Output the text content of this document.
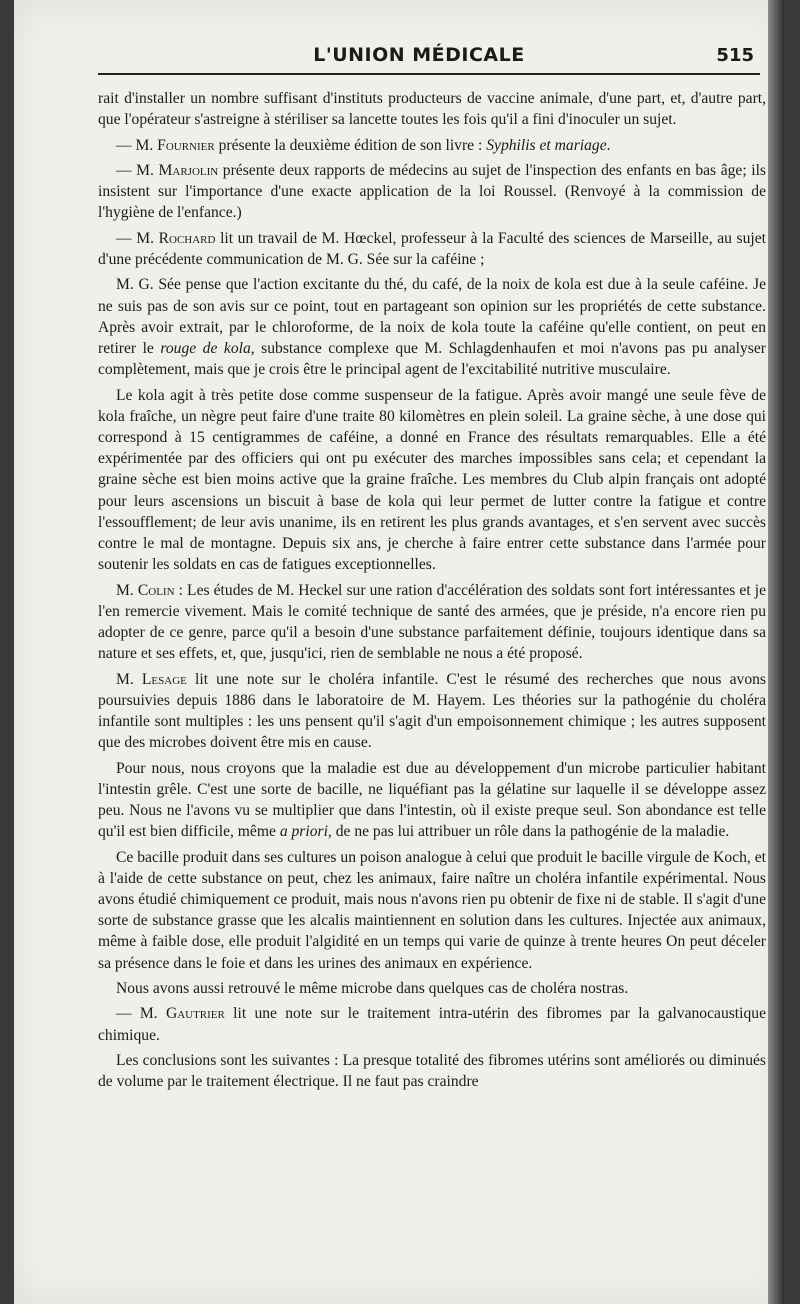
L'UNION MÉDICALE	515

rait d'installer un nombre suffisant d'instituts producteurs de vaccine animale, d'une part, et, d'autre part, que l'opérateur s'astreigne à stériliser sa lancette toutes les fois qu'il a fini d'inoculer un sujet.

— M. Fournier présente la deuxième édition de son livre : Syphilis et mariage.

— M. Marjolin présente deux rapports de médecins au sujet de l'inspection des enfants en bas âge; ils insistent sur l'importance d'une exacte application de la loi Roussel. (Renvoyé à la commission de l'hygiène de l'enfance.)

— M. Rochard lit un travail de M. Hœckel, professeur à la Faculté des sciences de Marseille, au sujet d'une précédente communication de M. G. Sée sur la caféine ;

M. G. Sée pense que l'action excitante du thé, du café, de la noix de kola est due à la seule caféine. Je ne suis pas de son avis sur ce point, tout en partageant son opinion sur les propriétés de cette substance. Après avoir extrait, par le chloroforme, de la noix de kola toute la caféine qu'elle contient, on peut en retirer le rouge de kola, substance complexe que M. Schlagdenhaufen et moi n'avons pas pu analyser complètement, mais que je crois être le principal agent de l'excitabilité nutritive musculaire.

Le kola agit à très petite dose comme suspenseur de la fatigue. Après avoir mangé une seule fève de kola fraîche, un nègre peut faire d'une traite 80 kilomètres en plein soleil. La graine sèche, à une dose qui correspond à 15 centigrammes de caféine, a donné en France des résultats remarquables. Elle a été expérimentée par des officiers qui ont pu exécuter des marches impossibles sans cela; et cependant la graine sèche est bien moins active que la graine fraîche. Les membres du Club alpin français ont adopté pour leurs ascensions un biscuit à base de kola qui leur permet de lutter contre la fatigue et contre l'essoufflement; de leur avis unanime, ils en retirent les plus grands avantages, et s'en servent avec succès contre le mal de montagne. Depuis six ans, je cherche à faire entrer cette substance dans l'armée pour soutenir les soldats en cas de fatigues exceptionnelles.

M. Colin : Les études de M. Heckel sur une ration d'accélération des soldats sont fort intéressantes et je l'en remercie vivement. Mais le comité technique de santé des armées, que je préside, n'a encore rien pu adopter de ce genre, parce qu'il a besoin d'une substance parfaitement définie, toujours identique dans sa nature et ses effets, et, que, jusqu'ici, rien de semblable ne nous a été proposé.

M. Lesage lit une note sur le choléra infantile. C'est le résumé des recherches que nous avons poursuivies depuis 1886 dans le laboratoire de M. Hayem. Les théories sur la pathogénie du choléra infantile sont multiples : les uns pensent qu'il s'agit d'un empoisonnement chimique ; les autres supposent que des microbes doivent être mis en cause.

Pour nous, nous croyons que la maladie est due au développement d'un microbe particulier habitant l'intestin grêle. C'est une sorte de bacille, ne liquéfiant pas la gélatine sur laquelle il se développe assez peu. Nous ne l'avons vu se multiplier que dans l'intestin, où il existe preque seul. Son abondance est telle qu'il est bien difficile, même a priori, de ne pas lui attribuer un rôle dans la pathogénie de la maladie.

Ce bacille produit dans ses cultures un poison analogue à celui que produit le bacille virgule de Koch, et à l'aide de cette substance on peut, chez les animaux, faire naître un choléra infantile expérimental. Nous avons étudié chimiquement ce produit, mais nous n'avons rien pu obtenir de fixe ni de stable. Il s'agit d'une sorte de substance grasse que les alcalis maintiennent en solution dans les cultures. Injectée aux animaux, même à faible dose, elle produit l'algidité en un temps qui varie de quinze à trente heures On peut déceler sa présence dans le foie et dans les urines des animaux en expérience.

Nous avons aussi retrouvé le même microbe dans quelques cas de choléra nostras.

— M. Gautrier lit une note sur le traitement intra-utérin des fibromes par la galvanocaustique chimique.

Les conclusions sont les suivantes : La presque totalité des fibromes utérins sont améliorés ou diminués de volume par le traitement électrique. Il ne faut pas craindre
